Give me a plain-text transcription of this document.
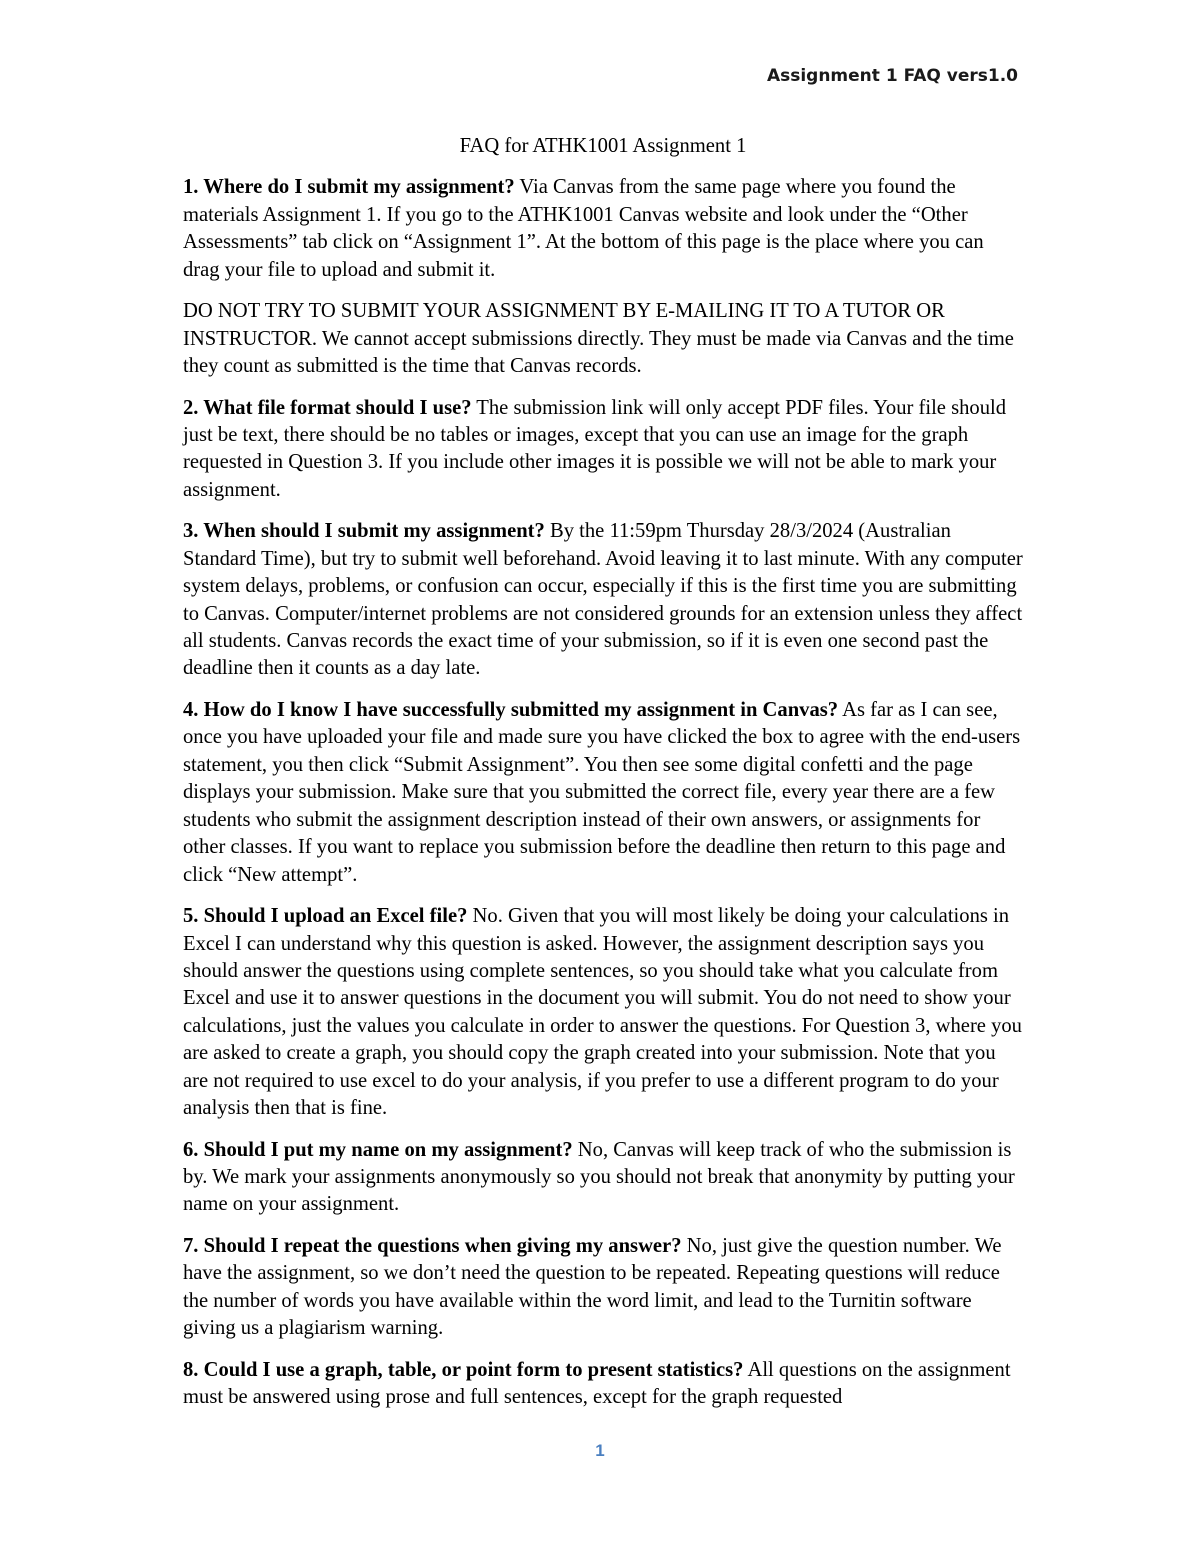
Assignment 1 FAQ vers1.0
FAQ for ATHK1001 Assignment 1

1. Where do I submit my assignment? Via Canvas from the same page where you found the materials Assignment 1. If you go to the ATHK1001 Canvas website and look under the “Other Assessments” tab click on “Assignment 1”. At the bottom of this page is the place where you can drag your file to upload and submit it.

DO NOT TRY TO SUBMIT YOUR ASSIGNMENT BY E-MAILING IT TO A TUTOR OR INSTRUCTOR. We cannot accept submissions directly. They must be made via Canvas and the time they count as submitted is the time that Canvas records.

2. What file format should I use? The submission link will only accept PDF files. Your file should just be text, there should be no tables or images, except that you can use an image for the graph requested in Question 3. If you include other images it is possible we will not be able to mark your assignment.

3. When should I submit my assignment? By the 11:59pm Thursday 28/3/2024 (Australian Standard Time), but try to submit well beforehand. Avoid leaving it to last minute. With any computer system delays, problems, or confusion can occur, especially if this is the first time you are submitting to Canvas. Computer/internet problems are not considered grounds for an extension unless they affect all students. Canvas records the exact time of your submission, so if it is even one second past the deadline then it counts as a day late.

4. How do I know I have successfully submitted my assignment in Canvas? As far as I can see, once you have uploaded your file and made sure you have clicked the box to agree with the end-users statement, you then click “Submit Assignment”. You then see some digital confetti and the page displays your submission. Make sure that you submitted the correct file, every year there are a few students who submit the assignment description instead of their own answers, or assignments for other classes. If you want to replace you submission before the deadline then return to this page and click “New attempt”.

5. Should I upload an Excel file? No. Given that you will most likely be doing your calculations in Excel I can understand why this question is asked. However, the assignment description says you should answer the questions using complete sentences, so you should take what you calculate from Excel and use it to answer questions in the document you will submit. You do not need to show your calculations, just the values you calculate in order to answer the questions. For Question 3, where you are asked to create a graph, you should copy the graph created into your submission. Note that you are not required to use excel to do your analysis, if you prefer to use a different program to do your analysis then that is fine.

6. Should I put my name on my assignment? No, Canvas will keep track of who the submission is by. We mark your assignments anonymously so you should not break that anonymity by putting your name on your assignment.

7. Should I repeat the questions when giving my answer? No, just give the question number. We have the assignment, so we don’t need the question to be repeated. Repeating questions will reduce the number of words you have available within the word limit, and lead to the Turnitin software giving us a plagiarism warning.

8. Could I use a graph, table, or point form to present statistics? All questions on the assignment must be answered using prose and full sentences, except for the graph requested

1
